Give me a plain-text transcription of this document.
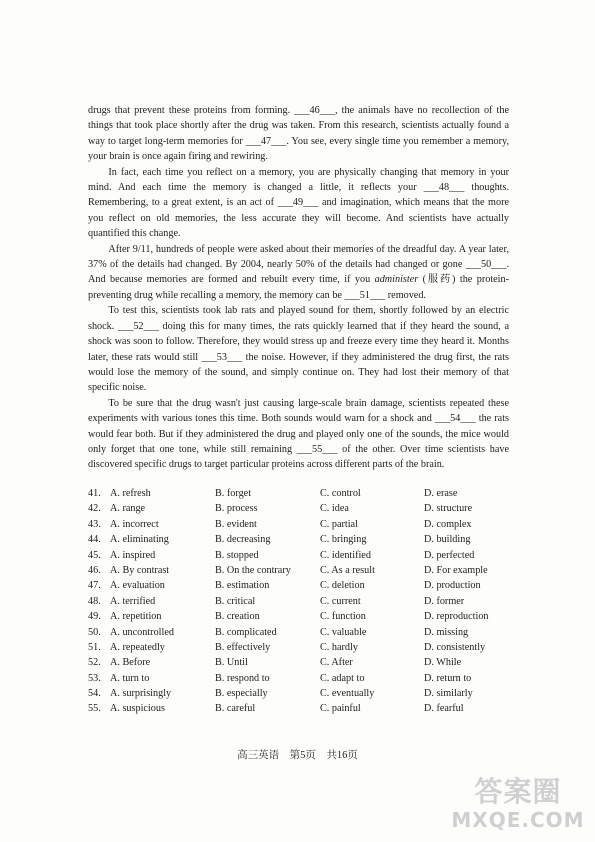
drugs that prevent these proteins from forming. ___46___, the animals have no recollection of the things that took place shortly after the drug was taken. From this research, scientists actually found a way to target long-term memories for ___47___. You see, every single time you remember a memory, your brain is once again firing and rewiring.

In fact, each time you reflect on a memory, you are physically changing that memory in your mind. And each time the memory is changed a little, it reflects your ___48___ thoughts. Remembering, to a great extent, is an act of ___49___ and imagination, which means that the more you reflect on old memories, the less accurate they will become. And scientists have actually quantified this change.

After 9/11, hundreds of people were asked about their memories of the dreadful day. A year later, 37% of the details had changed. By 2004, nearly 50% of the details had changed or gone ___50___. And because memories are formed and rebuilt every time, if you administer (服药) the protein-preventing drug while recalling a memory, the memory can be ___51___ removed.

To test this, scientists took lab rats and played sound for them, shortly followed by an electric shock. ___52___ doing this for many times, the rats quickly learned that if they heard the sound, a shock was soon to follow. Therefore, they would stress up and freeze every time they heard it. Months later, these rats would still ___53___ the noise. However, if they administered the drug first, the rats would lose the memory of the sound, and simply continue on. They had lost their memory of that specific noise.

To be sure that the drug wasn't just causing large-scale brain damage, scientists repeated these experiments with various tones this time. Both sounds would warn for a shock and ___54___ the rats would fear both. But if they administered the drug and played only one of the sounds, the mice would only forget that one tone, while still remaining ___55___ of the other. Over time scientists have discovered specific drugs to target particular proteins across different parts of the brain.

41. A. refresh	B. forget	C. control	D. erase
42. A. range	B. process	C. idea	D. structure
43. A. incorrect	B. evident	C. partial	D. complex
44. A. eliminating	B. decreasing	C. bringing	D. building
45. A. inspired	B. stopped	C. identified	D. perfected
46. A. By contrast	B. On the contrary	C. As a result	D. For example
47. A. evaluation	B. estimation	C. deletion	D. production
48. A. terrified	B. critical	C. current	D. former
49. A. repetition	B. creation	C. function	D. reproduction
50. A. uncontrolled	B. complicated	C. valuable	D. missing
51. A. repeatedly	B. effectively	C. hardly	D. consistently
52. A. Before	B. Until	C. After	D. While
53. A. turn to	B. respond to	C. adapt to	D. return to
54. A. surprisingly	B. especially	C. eventually	D. similarly
55. A. suspicious	B. careful	C. painful	D. fearful
高三英语　第5页　共16页
答案圈
MXQE.COM
